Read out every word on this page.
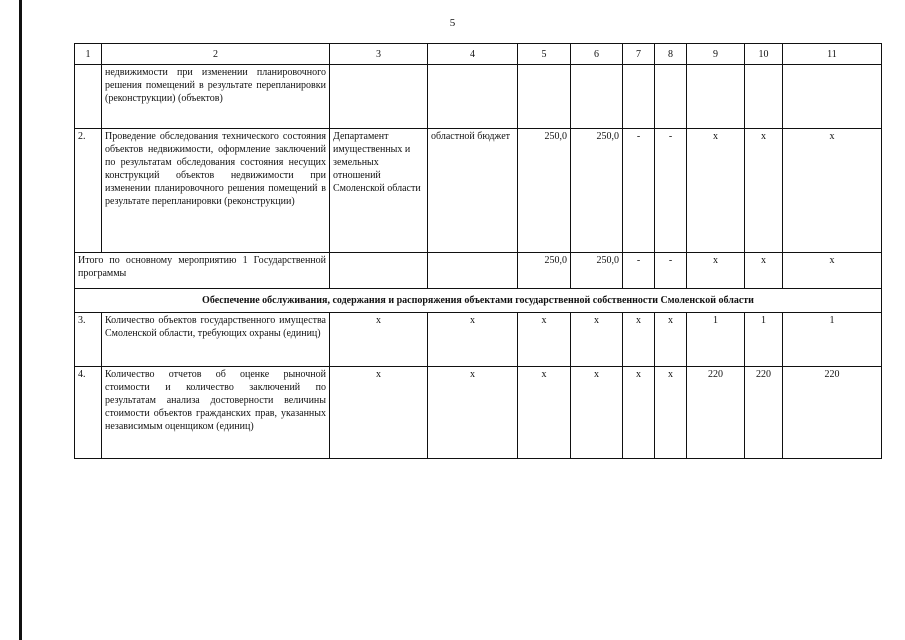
5
1	2	3	4	5	6	7	8	9	10	11
	недвижимости при изменении планировочного решения помещений в результате перепланировки (реконструкции) (объектов)									
2.	Проведение обследования технического состояния объектов недвижимости, оформление заключений по результатам обследования состояния несущих конструкций объектов недвижимости при изменении планировочного решения помещений в результате перепланировки (реконструкции)	Департамент имущественных и земельных отношений Смоленской области	областной бюджет	250,0	250,0	-	-	х	х	х
Итого по основному мероприятию 1 Государственной программы				250,0	250,0	-	-	х	х	х
Обеспечение обслуживания, содержания и распоряжения объектами государственной собственности Смоленской области										
3.	Количество объектов государственного имущества Смоленской области, требующих охраны (единиц)	х	х	х	х	х	х	1	1	1
4.	Количество отчетов об оценке рыночной стоимости и количество заключений по результатам анализа достоверности величины стоимости объектов гражданских прав, указанных независимым оценщиком (единиц)	х	х	х	х	х	х	220	220	220
